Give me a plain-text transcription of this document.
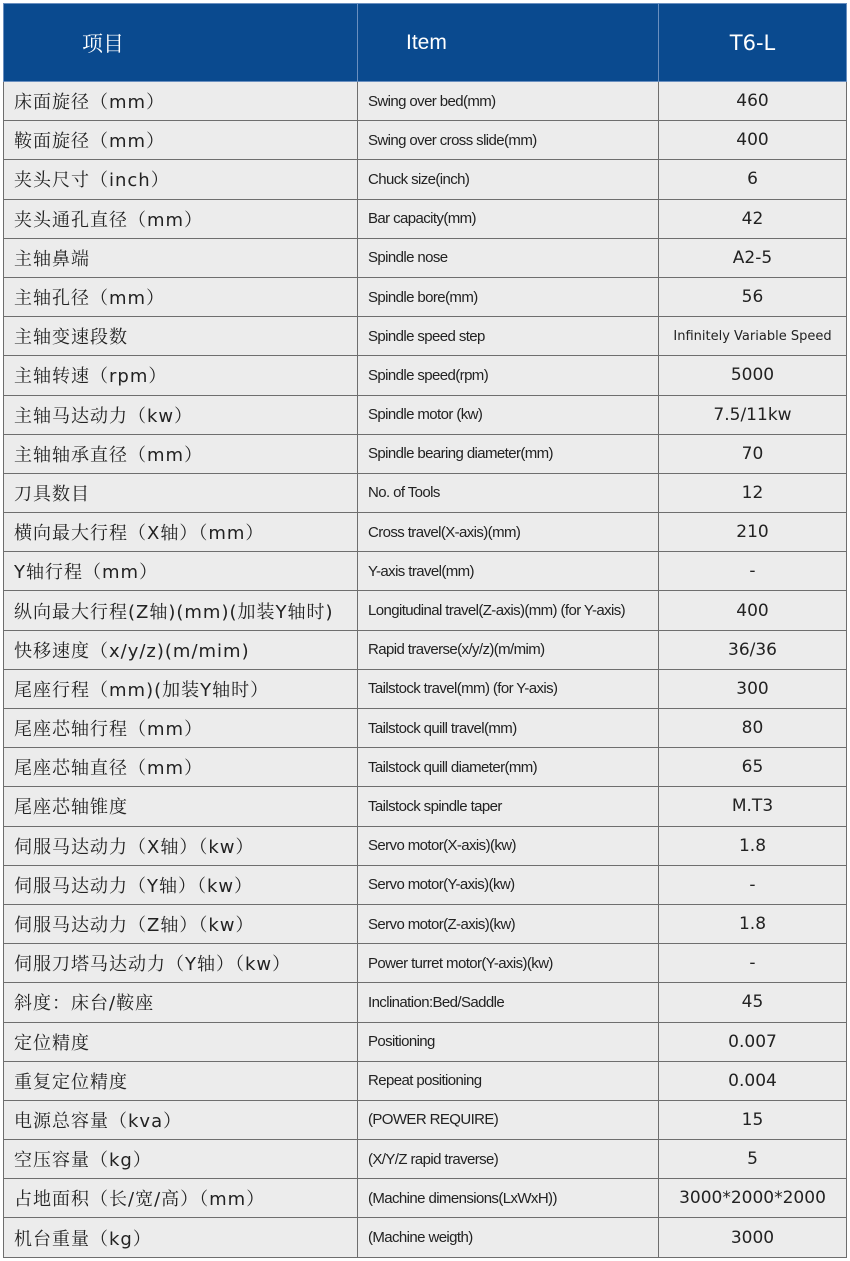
项目	Item	T6-L
床面旋径（mm）	Swing over bed(mm)	460
鞍面旋径（mm）	Swing over cross slide(mm)	400
夹头尺寸（inch）	Chuck size(inch)	6
夹头通孔直径（mm）	Bar capacity(mm)	42
主轴鼻端	Spindle nose	A2-5
主轴孔径（mm）	Spindle bore(mm)	56
主轴变速段数	Spindle speed step	Infinitely Variable Speed
主轴转速（rpm）	Spindle speed(rpm)	5000
主轴马达动力（kw）	Spindle motor (kw)	7.5/11kw
主轴轴承直径（mm）	Spindle bearing diameter(mm)	70
刀具数目	No. of Tools	12
横向最大行程（X轴）（mm）	Cross travel(X-axis)(mm)	210
Y轴行程（mm）	Y-axis travel(mm)	-
纵向最大行程(Z轴)(mm)(加装Y轴时)	Longitudinal travel(Z-axis)(mm) (for Y-axis)	400
快移速度（x/y/z)(m/mim)	Rapid traverse(x/y/z)(m/mim)	36/36
尾座行程（mm)(加装Y轴时）	Tailstock travel(mm) (for Y-axis)	300
尾座芯轴行程（mm）	Tailstock quill travel(mm)	80
尾座芯轴直径（mm）	Tailstock quill diameter(mm)	65
尾座芯轴锥度	Tailstock spindle taper	M.T3
伺服马达动力（X轴）（kw）	Servo motor(X-axis)(kw)	1.8
伺服马达动力（Y轴）（kw）	Servo motor(Y-axis)(kw)	-
伺服马达动力（Z轴）（kw）	Servo motor(Z-axis)(kw)	1.8
伺服刀塔马达动力（Y轴）（kw）	Power turret motor(Y-axis)(kw)	-
斜度：床台/鞍座	Inclination:Bed/Saddle	45
定位精度	Positioning	0.007
重复定位精度	Repeat positioning	0.004
电源总容量（kva）	(POWER REQUIRE)	15
空压容量（kg）	(X/Y/Z rapid traverse)	5
占地面积（长/宽/高）（mm）	(Machine dimensions(LxWxH))	3000*2000*2000
机台重量（kg）	(Machine weigth)	3000
